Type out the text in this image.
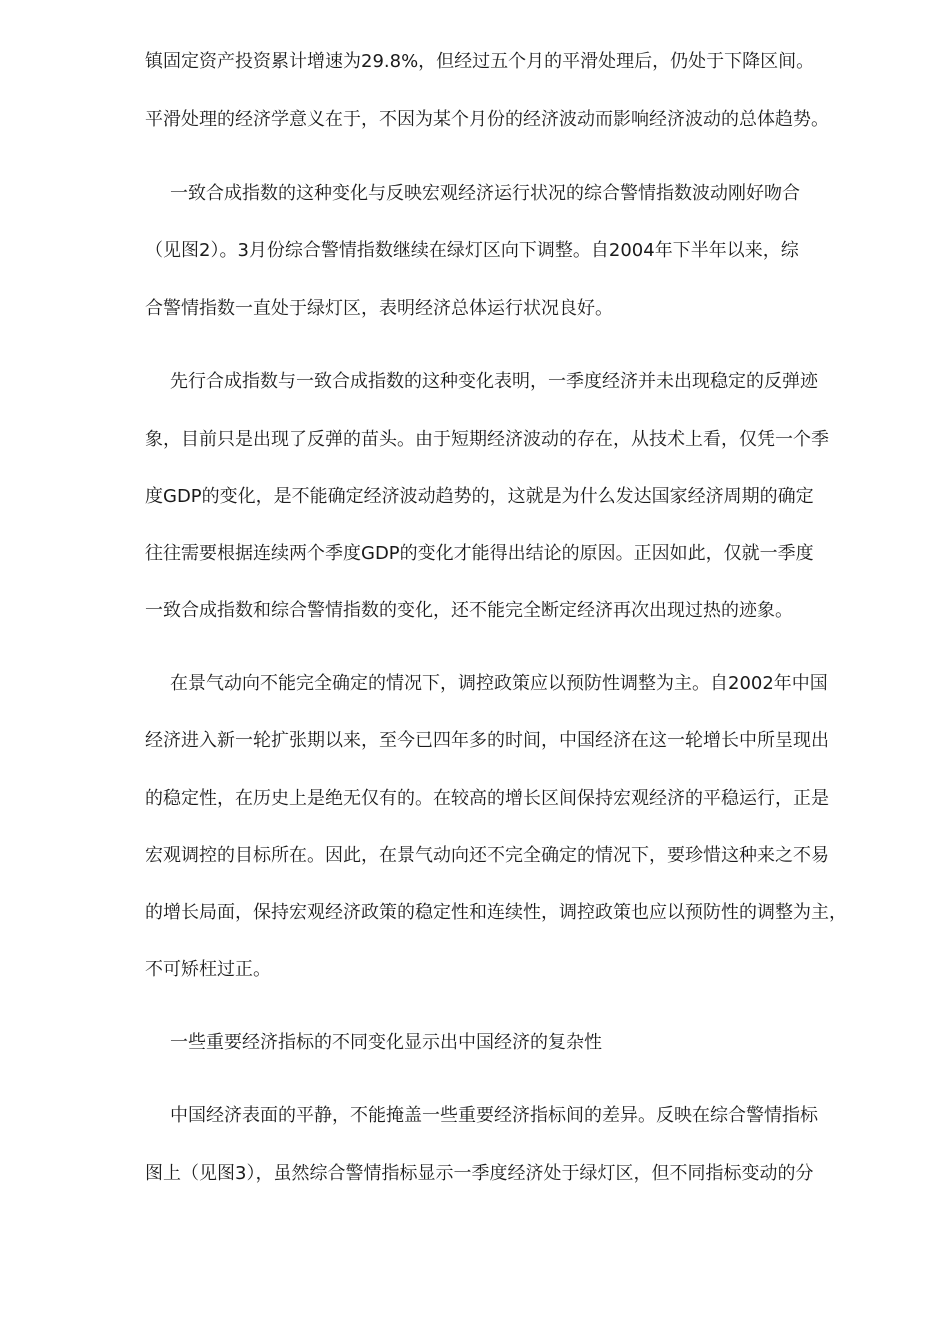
镇固定资产投资累计增速为29.8%，但经过五个月的平滑处理后，仍处于下降区间。
平滑处理的经济学意义在于，不因为某个月份的经济波动而影响经济波动的总体趋势。
一致合成指数的这种变化与反映宏观经济运行状况的综合警情指数波动刚好吻合
（见图2）。3月份综合警情指数继续在绿灯区向下调整。自2004年下半年以来，综
合警情指数一直处于绿灯区，表明经济总体运行状况良好。
先行合成指数与一致合成指数的这种变化表明，一季度经济并未出现稳定的反弹迹
象，目前只是出现了反弹的苗头。由于短期经济波动的存在，从技术上看，仅凭一个季
度GDP的变化，是不能确定经济波动趋势的，这就是为什么发达国家经济周期的确定
往往需要根据连续两个季度GDP的变化才能得出结论的原因。正因如此，仅就一季度
一致合成指数和综合警情指数的变化，还不能完全断定经济再次出现过热的迹象。
在景气动向不能完全确定的情况下，调控政策应以预防性调整为主。自2002年中国
经济进入新一轮扩张期以来，至今已四年多的时间，中国经济在这一轮增长中所呈现出
的稳定性，在历史上是绝无仅有的。在较高的增长区间保持宏观经济的平稳运行，正是
宏观调控的目标所在。因此，在景气动向还不完全确定的情况下，要珍惜这种来之不易
的增长局面，保持宏观经济政策的稳定性和连续性，调控政策也应以预防性的调整为主，
不可矫枉过正。
一些重要经济指标的不同变化显示出中国经济的复杂性
中国经济表面的平静，不能掩盖一些重要经济指标间的差异。反映在综合警情指标
图上（见图3），虽然综合警情指标显示一季度经济处于绿灯区，但不同指标变动的分
